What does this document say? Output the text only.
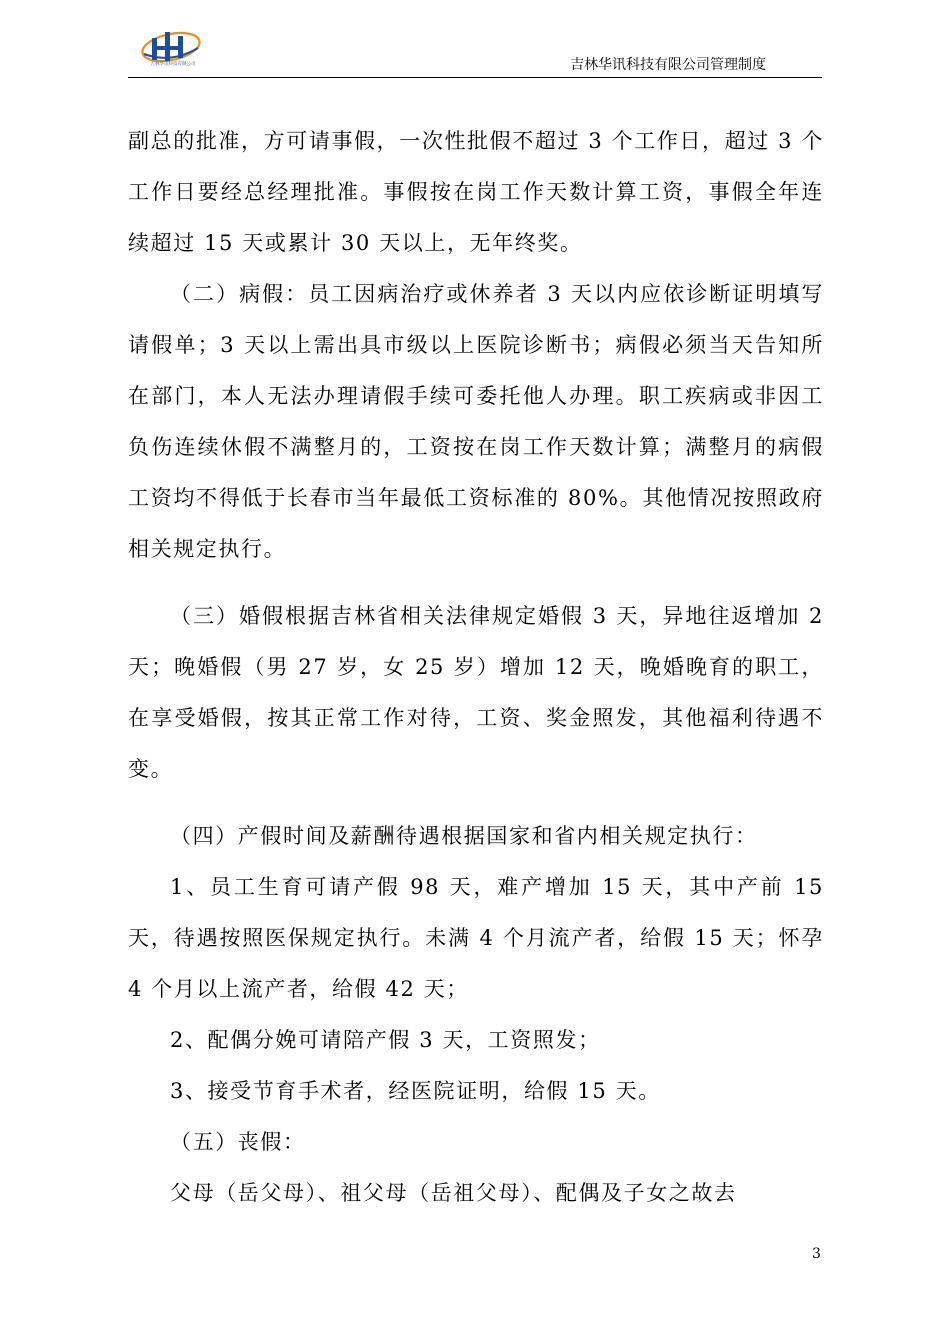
吉林华讯科技有限公司	吉林华讯科技有限公司管理制度

副总的批准，方可请事假，一次性批假不超过 3 个工作日，超过 3 个工作日要经总经理批准。事假按在岗工作天数计算工资，事假全年连续超过 15 天或累计 30 天以上，无年终奖。

（二）病假：员工因病治疗或休养者 3 天以内应依诊断证明填写请假单；3 天以上需出具市级以上医院诊断书；病假必须当天告知所在部门，本人无法办理请假手续可委托他人办理。职工疾病或非因工负伤连续休假不满整月的，工资按在岗工作天数计算；满整月的病假工资均不得低于长春市当年最低工资标准的 80%。其他情况按照政府相关规定执行。

（三）婚假根据吉林省相关法律规定婚假 3 天，异地往返增加 2 天；晚婚假（男 27 岁，女 25 岁）增加 12 天，晚婚晚育的职工，在享受婚假，按其正常工作对待，工资、奖金照发，其他福利待遇不变。

（四）产假时间及薪酬待遇根据国家和省内相关规定执行：

1、员工生育可请产假 98 天，难产增加 15 天，其中产前 15 天，待遇按照医保规定执行。未满 4 个月流产者，给假 15 天；怀孕 4 个月以上流产者，给假 42 天；

2、配偶分娩可请陪产假 3 天，工资照发；

3、接受节育手术者，经医院证明，给假 15 天。

（五）丧假：

父母（岳父母）、祖父母（岳祖父母）、配偶及子女之故去

3
